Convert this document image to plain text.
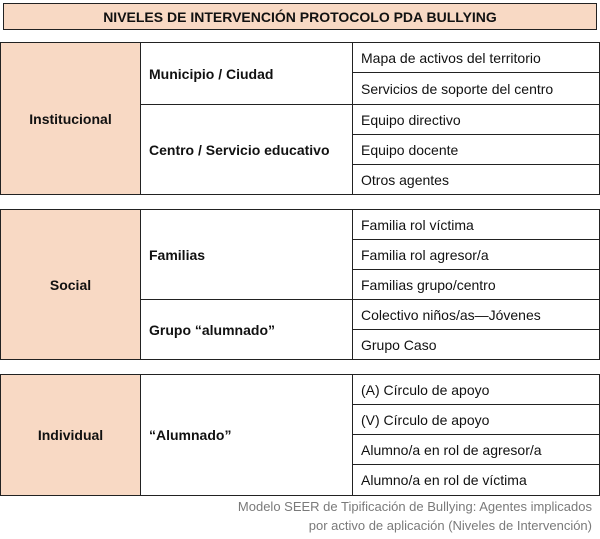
NIVELES DE INTERVENCIÓN PROTOCOLO PDA BULLYING
Institucional
Municipio / Ciudad
Centro / Servicio educativo
Mapa de activos del territorio
Servicios de soporte del centro
Equipo directivo
Equipo docente
Otros agentes
Social
Familias
Grupo “alumnado”
Familia rol víctima
Familia rol agresor/a
Familias grupo/centro
Colectivo niños/as—Jóvenes
Grupo Caso
Individual	“Alumnado”
(A) Círculo de apoyo
(V) Círculo de apoyo
Alumno/a en rol de agresor/a
Alumno/a en rol de víctima
Modelo SEER de Tipificación de Bullying: Agentes implicados
por activo de aplicación (Niveles de Intervención)
